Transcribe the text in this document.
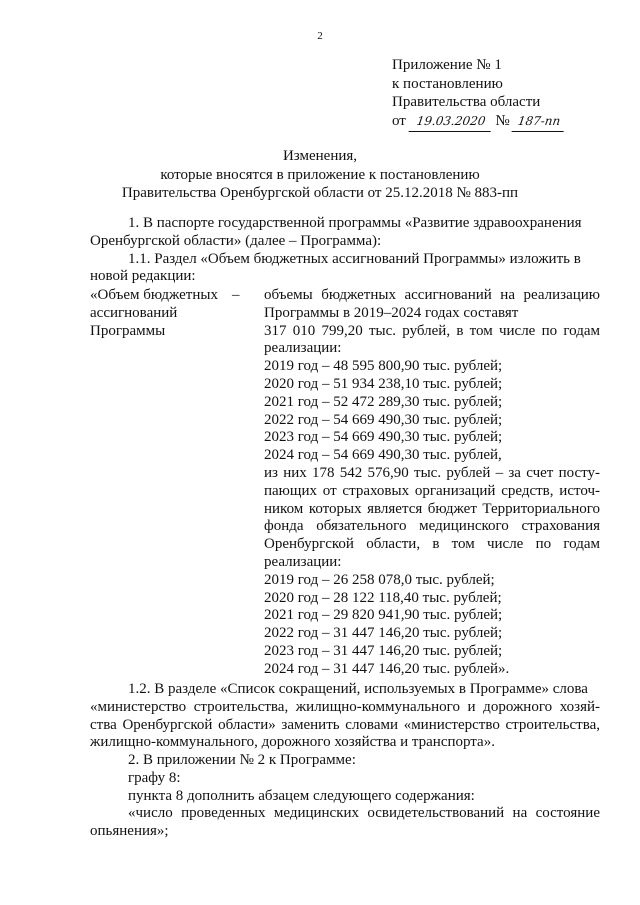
2
Приложение № 1
к постановлению
Правительства области
от 19.03.2020 № 187-пп
Изменения,
которые вносятся в приложение к постановлению
Правительства Оренбургской области от 25.12.2018 № 883-пп
1. В паспорте государственной программы «Развитие здравоохранения
Оренбургской области» (далее – Программа):
1.1. Раздел «Объем бюджетных ассигнований Программы» изложить в
новой редакции:
«Объем бюджетных
ассигнований
Программы
– объемы бюджетных ассигнований на реализацию
Программы в 2019–2024 годах составят
317 010 799,20 тыс. рублей, в том числе по годам
реализации:
2019 год – 48 595 800,90 тыс. рублей;
2020 год – 51 934 238,10 тыс. рублей;
2021 год – 52 472 289,30 тыс. рублей;
2022 год – 54 669 490,30 тыс. рублей;
2023 год – 54 669 490,30 тыс. рублей;
2024 год – 54 669 490,30 тыс. рублей,
из них 178 542 576,90 тыс. рублей – за счет посту-
пающих от страховых организаций средств, источ-
ником которых является бюджет Территориального
фонда обязательного медицинского страхования
Оренбургской области, в том числе по годам
реализации:
2019 год – 26 258 078,0 тыс. рублей;
2020 год – 28 122 118,40 тыс. рублей;
2021 год – 29 820 941,90 тыс. рублей;
2022 год – 31 447 146,20 тыс. рублей;
2023 год – 31 447 146,20 тыс. рублей;
2024 год – 31 447 146,20 тыс. рублей».
1.2. В разделе «Список сокращений, используемых в Программе» слова
«министерство строительства, жилищно-коммунального и дорожного хозяй-
ства Оренбургской области» заменить словами «министерство строительства,
жилищно-коммунального, дорожного хозяйства и транспорта».
2. В приложении № 2 к Программе:
графу 8:
пункта 8 дополнить абзацем следующего содержания:
«число проведенных медицинских освидетельствований на состояние
опьянения»;
